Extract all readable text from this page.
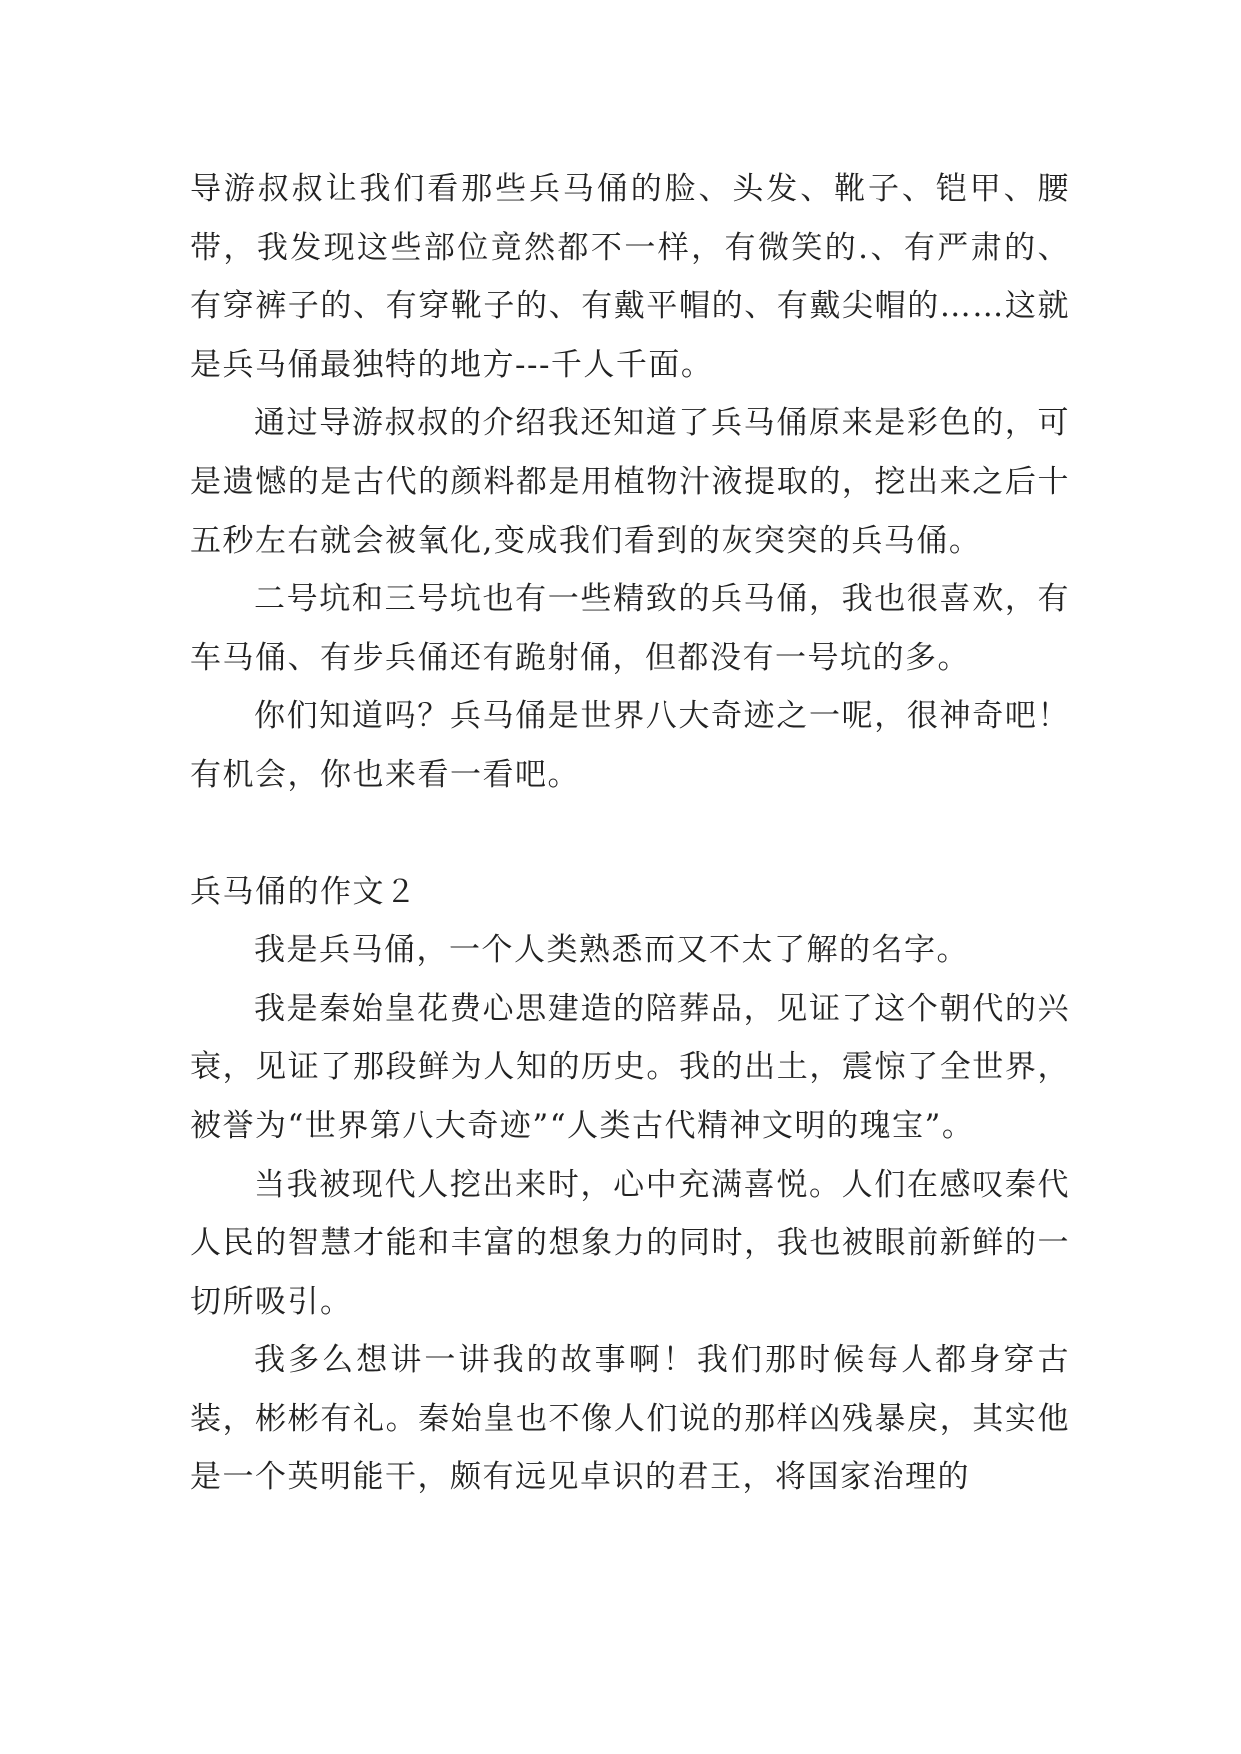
导游叔叔让我们看那些兵马俑的脸、头发、靴子、铠甲、腰带，我发现这些部位竟然都不一样，有微笑的.、有严肃的、有穿裤子的、有穿靴子的、有戴平帽的、有戴尖帽的……这就是兵马俑最独特的地方---千人千面。

通过导游叔叔的介绍我还知道了兵马俑原来是彩色的，可是遗憾的是古代的颜料都是用植物汁液提取的，挖出来之后十五秒左右就会被氧化,变成我们看到的灰突突的兵马俑。

二号坑和三号坑也有一些精致的兵马俑，我也很喜欢，有车马俑、有步兵俑还有跪射俑，但都没有一号坑的多。

你们知道吗？兵马俑是世界八大奇迹之一呢，很神奇吧！有机会，你也来看一看吧。

兵马俑的作文２

我是兵马俑，一个人类熟悉而又不太了解的名字。

我是秦始皇花费心思建造的陪葬品，见证了这个朝代的兴衰，见证了那段鲜为人知的历史。我的出土，震惊了全世界，被誉为“世界第八大奇迹”“人类古代精神文明的瑰宝”。

当我被现代人挖出来时，心中充满喜悦。人们在感叹秦代人民的智慧才能和丰富的想象力的同时，我也被眼前新鲜的一切所吸引。

我多么想讲一讲我的故事啊！我们那时候每人都身穿古装，彬彬有礼。秦始皇也不像人们说的那样凶残暴戾，其实他是一个英明能干，颇有远见卓识的君王，将国家治理的
